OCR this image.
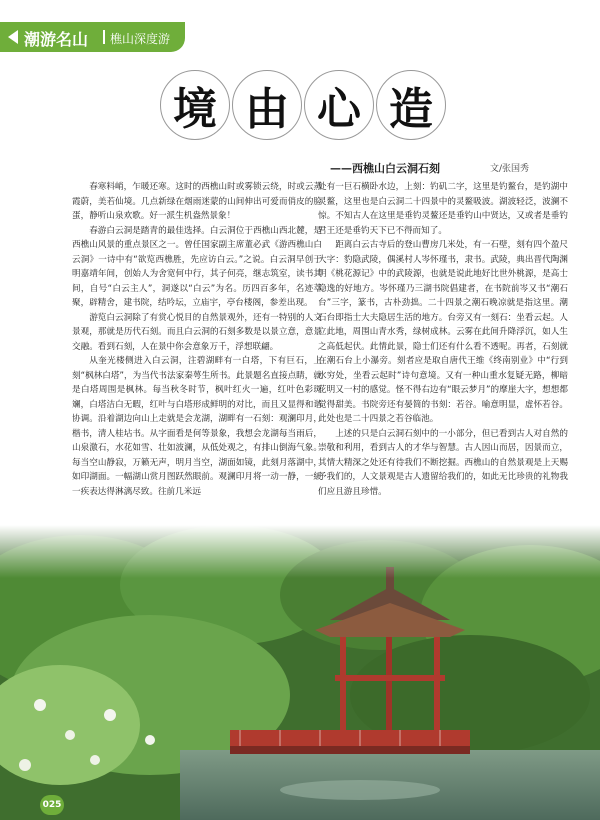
潮游名山 樵山深度游
境 由 心 造
——西樵山白云洞石刻	文/张国秀

春寒料峭，乍暖还寒。这时的西樵山时或雾锁云绕，时或云蒸霞蔚，美若仙境。几点新绿在烟雨迷蒙的山间伸出可爱而俏皮的脸蛋，静听山泉欢歌。好一派生机盎然景象！

春游白云洞是踏青的最佳选择。白云洞位于西樵山西北麓，是西樵山风景的重点景区之一。曾任国家副主席董必武《游西樵山白云洞》一诗中有“欲览西樵胜，先应访白云。”之说。白云洞早创于明嘉靖年间，创始人为舍宽何中行，其子何亮，继志筑室，读书其间，自号“白云主人”，洞遂以“白云”为名。历四百多年，名迹萃聚，辟精舍，建书院，结吟坛，立庙宇，亭台楼阁，参差出现。

游览白云洞除了有赏心悦目的自然景观外，还有一特别的人文景观，那就是历代石刻。而且白云洞的石刻多数是以景立意，意景交融。看到石刻，人在景中你会意象万千，浮想联翩。

从奎光楼侧进入白云洞，注碧湖畔有一白塔，下有巨石，上刻“枫林白塔”，为当代书法家秦萼生所书。此景题名直接点睛，就是白塔周围是枫林。每当秋冬时节，枫叶红火一遍，红叶色彩斑斓，白塔洁白无暇，红叶与白塔形成鲜明的对比，而且又显得和谐协调。沿着湖边向山上走就是会龙湖，湖畔有一石刻：观澜印月，楷书，清人桂坫书。从字面看是何等景象，我想会龙湖每当雨后，山泉激石，水花如雪、壮如波澜，从低处观之，有排山倒海气象。每当空山静寂，万籁无声，明月当空，湖面如镜，此刻月落湖中，如印湖面。一幅湖山赏月图跃然眼前。观澜印月将一动一静，一緩一疾表达得淋漓尽致。往前几米远

处有一巨石横卧水边，上刻：钓矶二字，这里是钓鳌台，是钓湖中灵鳌，这里也是白云洞二十四景中的灵鳌吸波。湖波轻泛，波澜不惊。不知古人在这里是垂钓灵鳌还是垂钓山中贤达，又或者是垂钓君王还是垂钓天下已不得而知了。

距离白云古寺后的登山曹房几米处，有一石壁，刻有四个盈尺大字：豹隐武陵，偶溪村人岑怀瑾书，隶书。武陵，典出晋代陶渊明《桃花源记》中的武陵源，也就是说此地好比世外桃源，是高士隐逸的好地方。岑怀瑾乃三湖书院倡建者，在书院前岑又书“潮石台”三字，篆书，古朴劲拙。二十四景之潮石晚凉就是指这里。潮石台即指士大夫隐居生活的地方。台旁又有一刻石：坐看云起。人立此地，周围山青水秀，绿树成林。云雾在此间升降浮沉，如人生之高低起伏。此情此景，隐士们还有什么看不透呢。再者，石刻就在潮石台上小瀑旁。刻者应是取自唐代王维《终南别业》中“行到水穷处，坐看云起时”诗句意境。又有一种山重水复疑无路，柳暗花明又一村的感觉。怪不得右边有“眼云梦月”的摩崖大字，想想都觉得甜美。书院旁还有晏简的书刻：若谷。喻意明显，虚怀若谷。此处也是二十四景之若谷临池。

上述的只是白云洞石刻中的一小部分，但已看到古人对自然的崇敬和利用，看到古人的才华与智慧。古人因山而居，因景而立，其情大精深之处还有待我们不断挖掘。西樵山的自然景观是上天赐予我们的，人文景观是古人遗留给我们的，如此无比珍贵的礼物我们应且游且珍惜。

025
